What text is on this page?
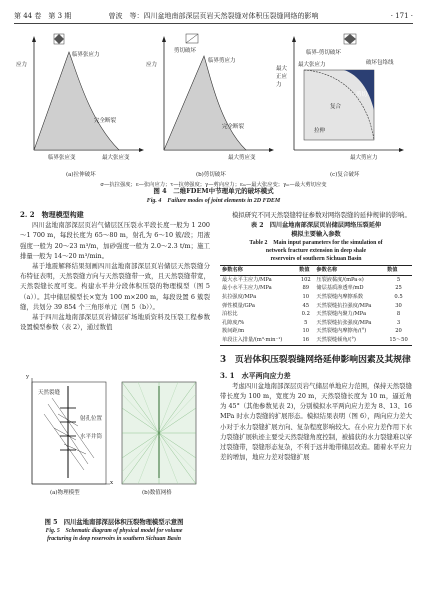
第 44 卷　第 3 期	曾波　等：四川盆地南部深层页岩天然裂缝对体积压裂缝网络的影响	· 171 ·
应力
临界张应力
完全断裂
临界张应变	最大张应变
(a)拉伸破坏
应力
剪切破坏
临界剪应力
最大剪应变
完全断裂
(b)剪切破坏
最大正应力
临界-剪切破坏
破坏包络线
最大张应力
最大剪应力
拉伸
剪切
复合
(c)复合破坏
σ—抗拉强度；ε—张向应力；τ—抗剪强度；γ—剪向应力；εₘ—最大张应变；γₘ—最大剪切应变
图 4　二维FDEM中节理单元的破坏模式
Fig. 4　Failure modes of joint elements in 2D FDEM
2. 2　物理模型构建

四川盆地南部深层页岩气储层区压裂水平段长度一般为 1 200～1 700 m，每段长度为 65～80 m，射孔为 6～10 簇/段；用液强度一般为 20～23 m³/m，加砂强度一般为 2.0～2.3 t/m；施工排量一般为 14～20 m³/min。

基于地震解释结果刻画四川盆地南部深层页岩储层天然裂缝分布特征表明，天然裂缝方向与天然裂缝带一致，且天然裂缝带宽，天然裂缝长度可变。构建水平井分段体积压裂的物理模型（图 5（a））。其中储层模型长×宽为 100 m×200 m，每段设置 6 簇裂缝，共划分 39 854 个三角形单元（图 5（b））。

基于四川盆地南部深层页岩储层矿场地质资料及压裂工程参数设置模型参数（表 2），通过数值

天然裂缝
射孔位置
水平井筒
x
y
(a)物理模型	(b)数值网格
图 5　四川盆地南部深层体积压裂物理模型示意图
Fig. 5　Schematic diagram of physical model for volume
fracturing in deep reservoirs in southern Sichuan Basin

模拟研究不同天然裂缝特征参数对网络裂缝的延伸规律的影响。

表 2　四川盆地南部深层页岩储层网络压裂延伸
模拟主要输入参数
Table 2　Main input parameters for the simulation of
network fracture extension in deep shale
reservoirs of southern Sichuan Basin
参数名称	数值	参数名称	数值
最大水平主应力/MPa	102	压裂液黏度/(mPa·s)	5
最小水平主应力/MPa	89	储层基质渗透率/mD	25
抗拉强度/MPa	10	天然裂缝内摩擦系数	0.5
弹性模量/GPa	45	天然裂缝抗拉强度/MPa	30
泊松比	0.2	天然裂缝内聚力/MPa	8
孔隙度/%	5	天然裂缝抗张强度/MPa	3
簇间距/m	10	天然裂缝内摩擦角/(°)	20
单段注入排量/(m³·min⁻¹)	16	天然裂缝倾角/(°)	15～50
3　页岩体积压裂裂缝网络延伸影响因素及其规律
3. 1　水平两向应力差

考虑四川盆地南部深层页岩气储层单地应力范围，保持天然裂缝带长度为 100 m，宽度为 20 m，天然裂缝长度为 10 m，逼近角为 45°（其他参数见表 2)，分别模拟水平两向应力差为 8、13、16 MPa 时水力裂缝的扩展形态。模拟结果表明（图 6），两向应力差大小对于水力裂缝扩展方向、复杂程度影响较大。在小应力差作用下水力裂缝扩展轨迹主要受天然裂缝角度控制，被捕获的水力裂缝难以穿过裂缝带，裂缝形态复杂，不利于远井地带储层改造。随着水平应力差的增加，地应力差对裂缝扩展
